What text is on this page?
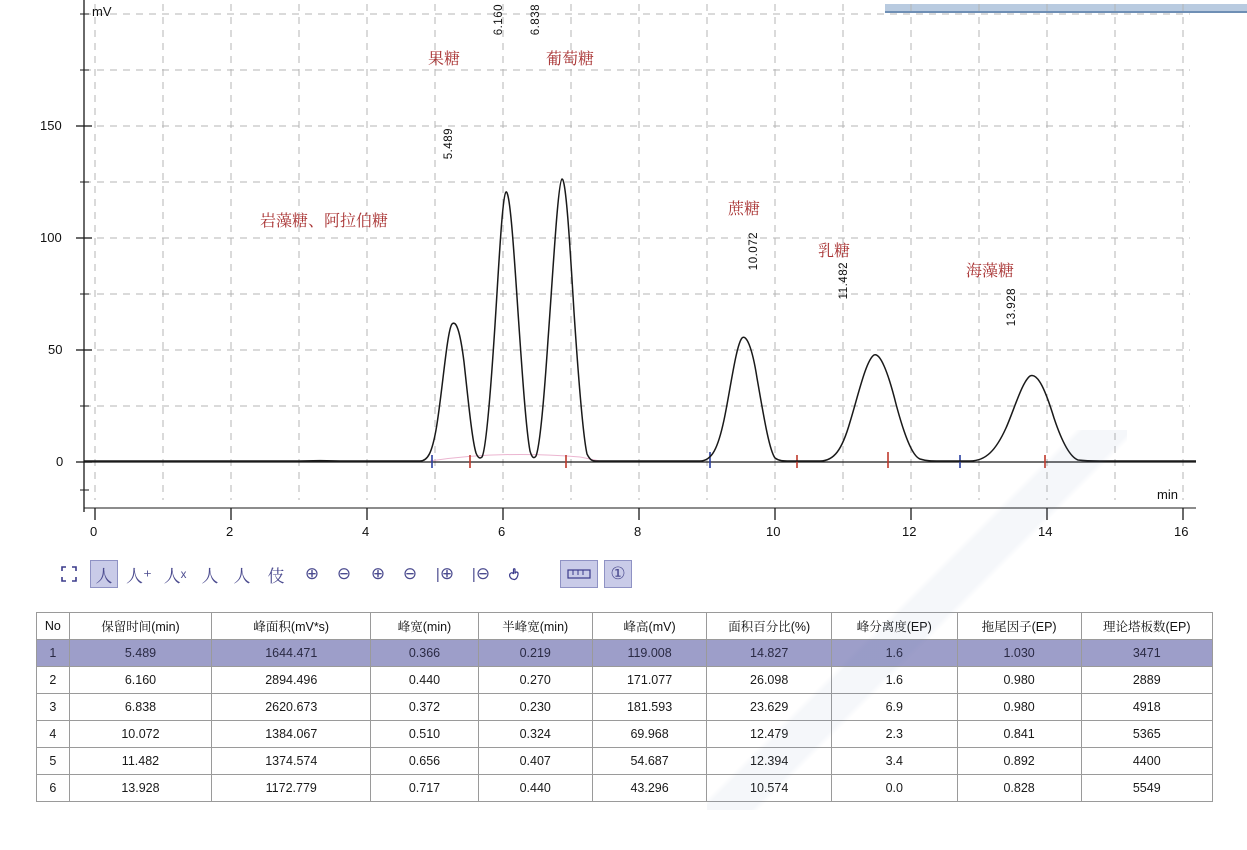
mV
min
150
100
50
0
0	2	4	6	8	10	12	14	16
5.489
6.160 6.838
10.072
11.482
13.928
岩藻糖、阿拉伯糖
果糖	葡萄糖
蔗糖
乳糖
海藻糖
人 人⁺ 人ˣ 人 人 伎 ⊕ ⊖ ⊕ ⊖ | ⊕ | ⊖	①
No	保留时间(min)	峰面积(mV*s)	峰宽(min)	半峰宽(min)	峰高(mV)	面积百分比(%)	峰分离度(EP)	拖尾因子(EP)	理论塔板数(EP)
1	5.489	1644.471	0.366	0.219	119.008	14.827	1.6	1.030	3471
2	6.160	2894.496	0.440	0.270	171.077	26.098	1.6	0.980	2889
3	6.838	2620.673	0.372	0.230	181.593	23.629	6.9	0.980	4918
4	10.072	1384.067	0.510	0.324	69.968	12.479	2.3	0.841	5365
5	11.482	1374.574	0.656	0.407	54.687	12.394	3.4	0.892	4400
6	13.928	1172.779	0.717	0.440	43.296	10.574	0.0	0.828	5549
